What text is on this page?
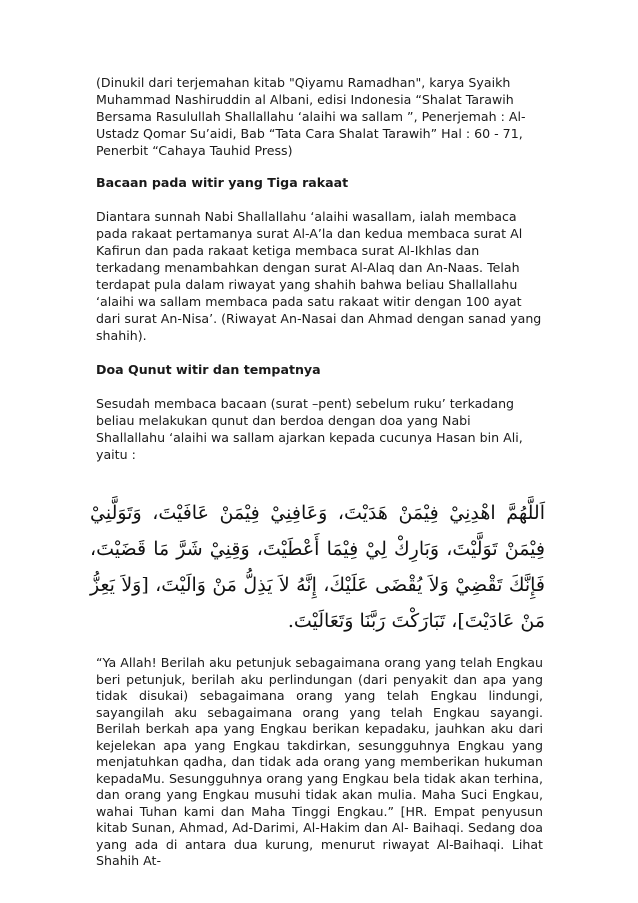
(Dinukil dari terjemahan kitab "Qiyamu Ramadhan", karya Syaikh Muhammad Nashiruddin al Albani, edisi Indonesia “Shalat Tarawih Bersama Rasulullah Shallallahu ‘alaihi wa sallam ”, Penerjemah : Al-Ustadz Qomar Su’aidi, Bab “Tata Cara Shalat Tarawih” Hal : 60 - 71, Penerbit “Cahaya Tauhid Press)

Bacaan pada witir yang Tiga rakaat

Diantara sunnah Nabi Shallallahu ‘alaihi wasallam, ialah membaca pada rakaat pertamanya surat Al-A’la dan kedua membaca surat Al Kafirun dan pada rakaat ketiga membaca surat Al-Ikhlas dan terkadang menambahkan dengan surat Al-Alaq dan An-Naas. Telah terdapat pula dalam riwayat yang shahih bahwa beliau Shallallahu ‘alaihi wa sallam membaca pada satu rakaat witir dengan 100 ayat dari surat An-Nisa’. (Riwayat An-Nasai dan Ahmad dengan sanad yang shahih).

Doa Qunut witir dan tempatnya

Sesudah membaca bacaan (surat –pent) sebelum ruku’ terkadang beliau melakukan qunut dan berdoa dengan doa yang Nabi Shallallahu ‘alaihi wa sallam ajarkan kepada cucunya Hasan bin Ali, yaitu :

اَللَّهُمَّ اهْدِنِيْ فِيْمَنْ هَدَيْتَ، وَعَافِنِيْ فِيْمَنْ عَافَيْتَ، وَتَوَلَّنِيْ فِيْمَنْ تَوَلَّيْتَ، وَبَارِكْ لِيْ فِيْمَا أَعْطَيْتَ، وَقِنِيْ شَرَّ مَا قَضَيْتَ، فَإِنَّكَ تَقْضِيْ وَلاَ يُقْضَى عَلَيْكَ، إِنَّهُ لاَ يَذِلُّ مَنْ وَالَيْتَ، [وَلاَ يَعِزُّ مَنْ عَادَيْتَ]، تَبَارَكْتَ رَبَّنَا وَتَعَالَيْتَ.

“Ya Allah! Berilah aku petunjuk sebagaimana orang yang telah Engkau beri petunjuk, berilah aku perlindungan (dari penyakit dan apa yang tidak disukai) sebagaimana orang yang telah Engkau lindungi, sayangilah aku sebagaimana orang yang telah Engkau sayangi. Berilah berkah apa yang Engkau berikan kepadaku, jauhkan aku dari kejelekan apa yang Engkau takdirkan, sesungguhnya Engkau yang menjatuhkan qadha, dan tidak ada orang yang memberikan hukuman kepadaMu. Sesungguhnya orang yang Engkau bela tidak akan terhina, dan orang yang Engkau musuhi tidak akan mulia. Maha Suci Engkau, wahai Tuhan kami dan Maha Tinggi Engkau.” [HR. Empat penyusun kitab Sunan, Ahmad, Ad-Darimi, Al-Hakim dan Al- Baihaqi. Sedang doa yang ada di antara dua kurung, menurut riwayat Al-Baihaqi. Lihat Shahih At-
